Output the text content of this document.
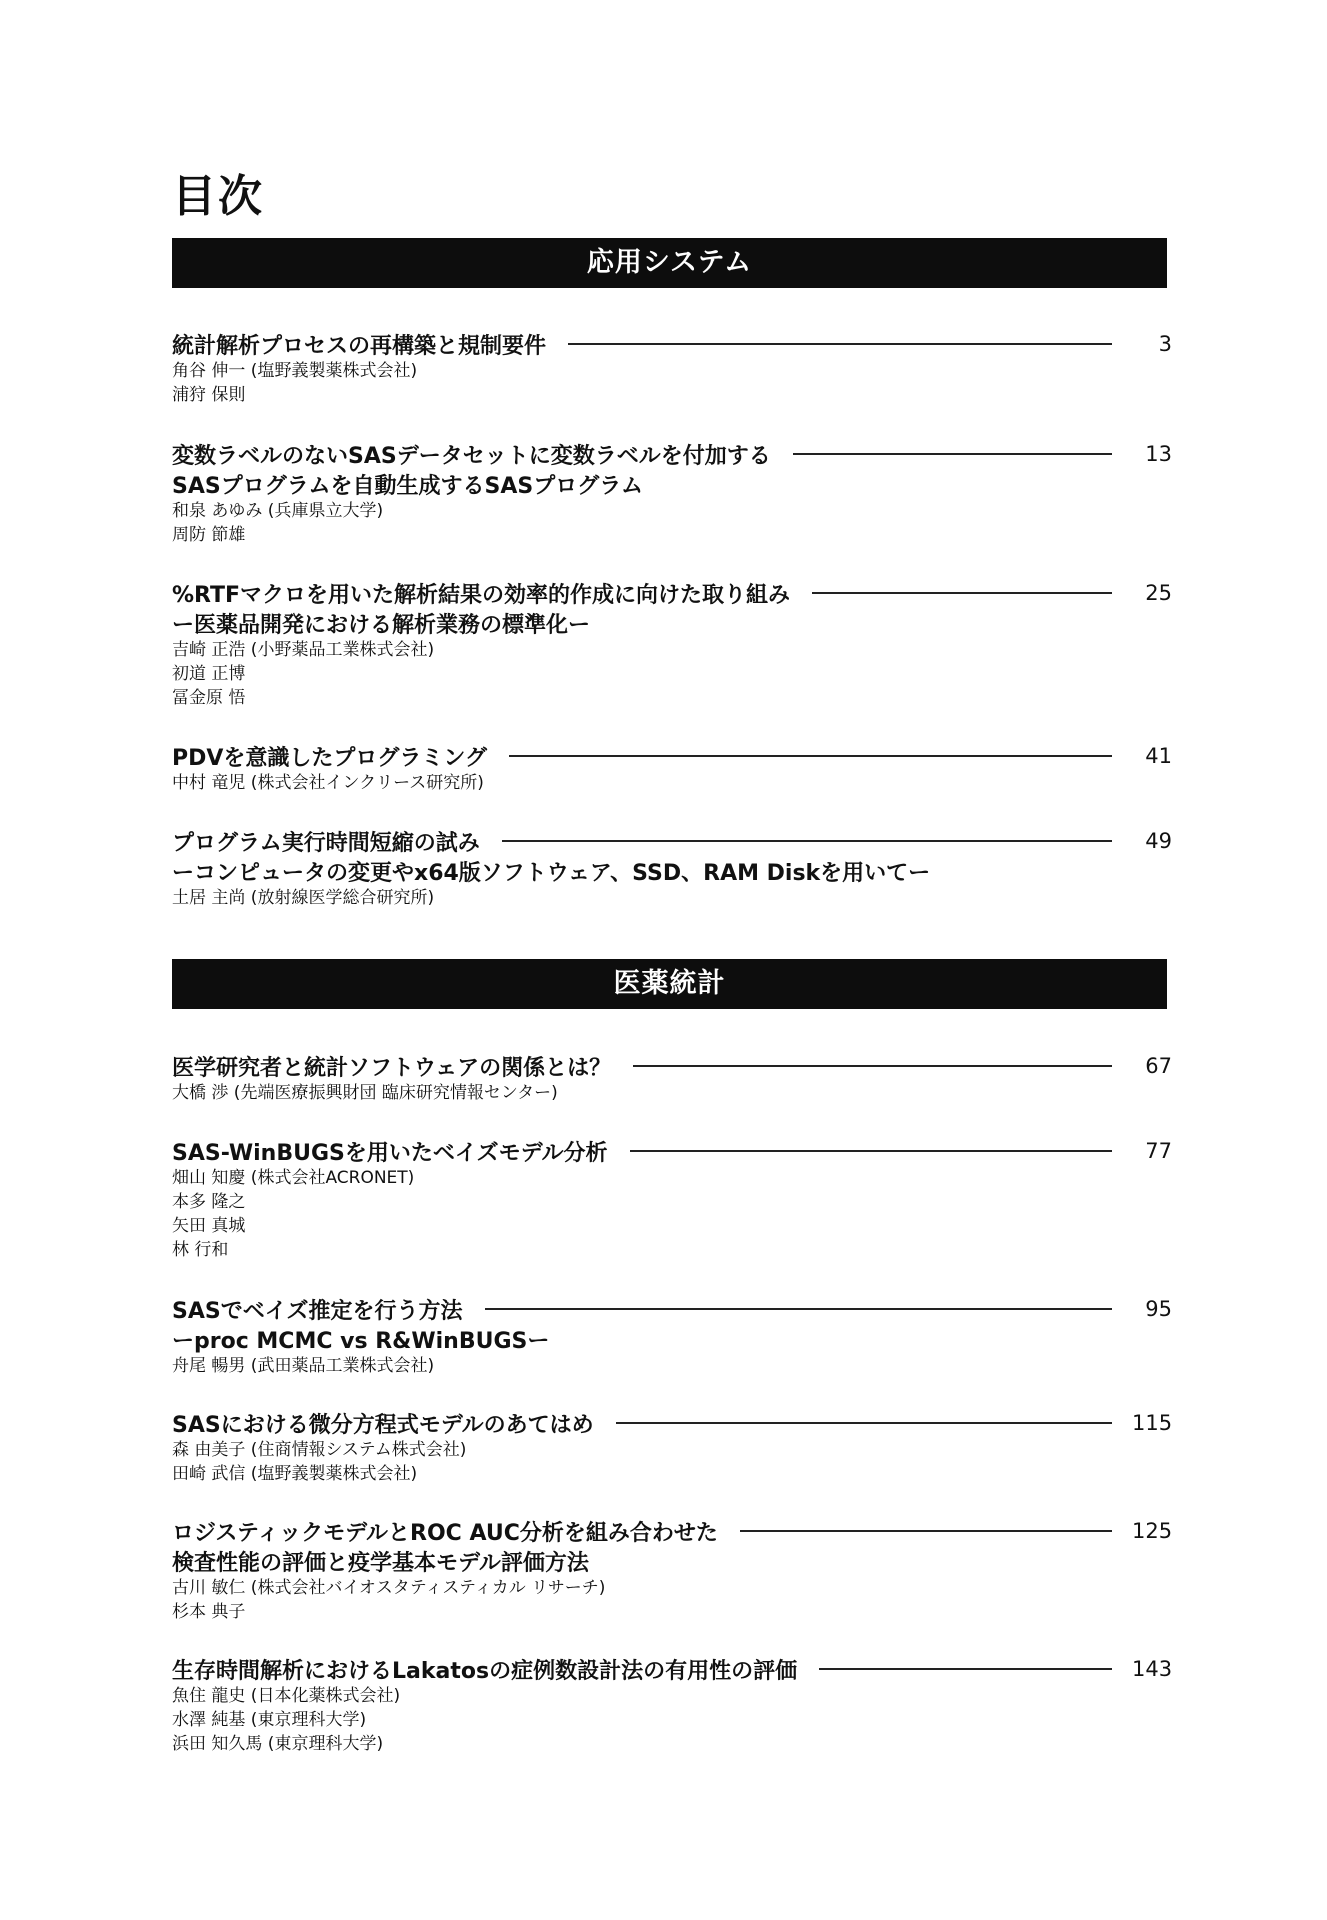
目次
応用システム
統計解析プロセスの再構築と規制要件	3
角谷 伸一 (塩野義製薬株式会社)
浦狩 保則
変数ラベルのないSASデータセットに変数ラベルを付加する	13
SASプログラムを自動生成するSASプログラム
和泉 あゆみ (兵庫県立大学)
周防 節雄
%RTFマクロを用いた解析結果の効率的作成に向けた取り組み	25
ー医薬品開発における解析業務の標準化ー
吉崎 正浩 (小野薬品工業株式会社)
初道 正博
冨金原 悟
PDVを意識したプログラミング	41
中村 竜児 (株式会社インクリース研究所)
プログラム実行時間短縮の試み	49
ーコンピュータの変更やx64版ソフトウェア、SSD、RAM Diskを用いてー
土居 主尚 (放射線医学総合研究所)
医薬統計
医学研究者と統計ソフトウェアの関係とは？	67
大橋 渉 (先端医療振興財団 臨床研究情報センター)
SAS-WinBUGSを用いたベイズモデル分析	77
畑山 知慶 (株式会社ACRONET)
本多 隆之
矢田 真城
林 行和
SASでベイズ推定を行う方法	95
ーproc MCMC vs R&WinBUGSー
舟尾 暢男 (武田薬品工業株式会社)
SASにおける微分方程式モデルのあてはめ	115
森 由美子 (住商情報システム株式会社)
田崎 武信 (塩野義製薬株式会社)
ロジスティックモデルとROC AUC分析を組み合わせた	125
検査性能の評価と疫学基本モデル評価方法
古川 敏仁 (株式会社バイオスタティスティカル リサーチ)
杉本 典子
生存時間解析におけるLakatosの症例数設計法の有用性の評価	143
魚住 龍史 (日本化薬株式会社)
水澤 純基 (東京理科大学)
浜田 知久馬 (東京理科大学)
